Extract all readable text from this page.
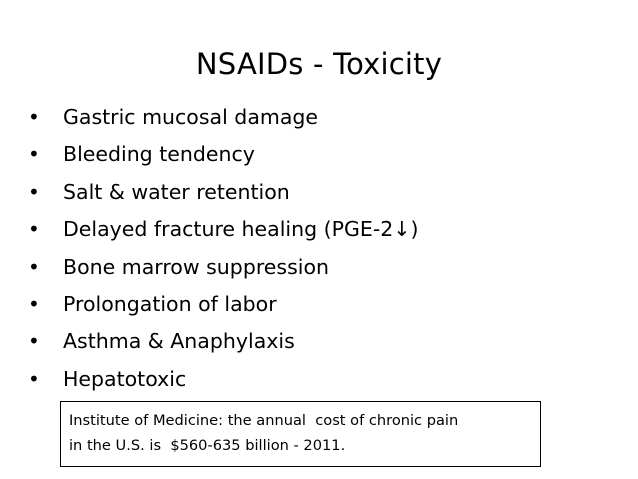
NSAIDs - Toxicity
•	Gastric mucosal damage
•	Bleeding tendency
•	Salt & water retention
•	Delayed fracture healing (PGE-2↓)
•	Bone marrow suppression
•	Prolongation of labor
•	Asthma & Anaphylaxis
•	Hepatotoxic
Institute of Medicine: the annual  cost of chronic pain
in the U.S. is  $560-635 billion - 2011.
